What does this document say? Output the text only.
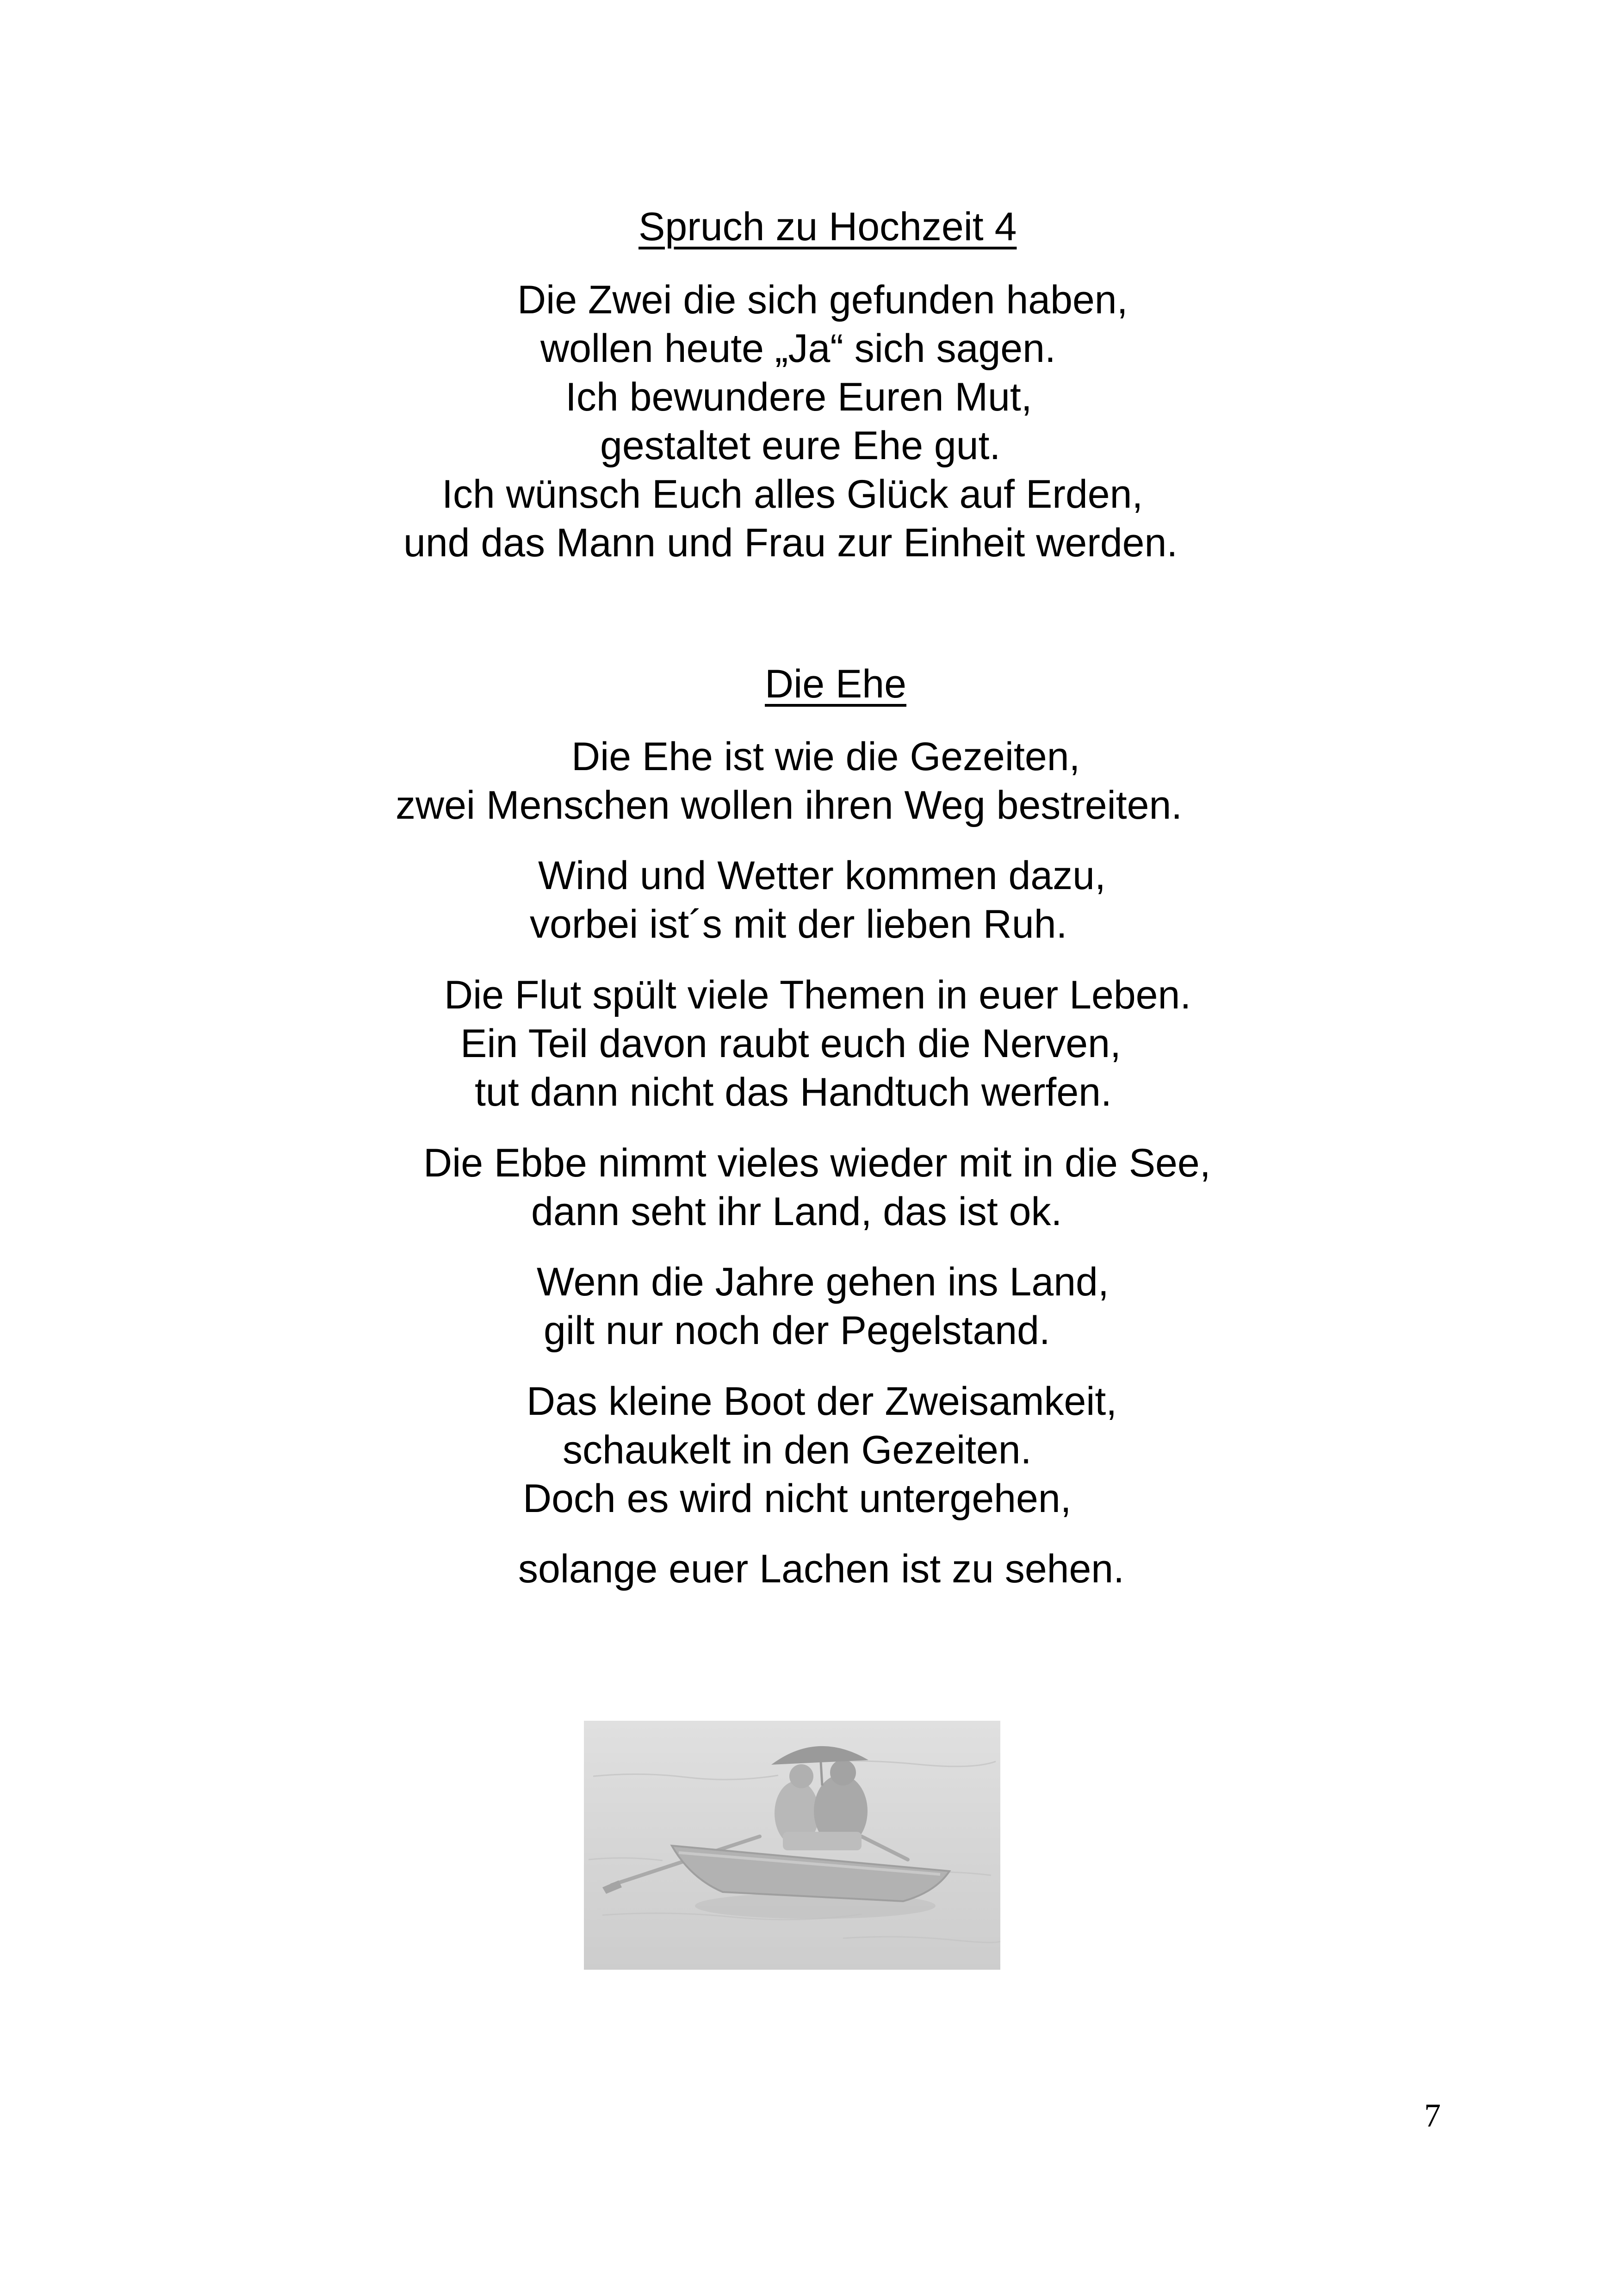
Spruch zu Hochzeit 4
Die Zwei die sich gefunden haben,
wollen heute „Ja“ sich sagen.
Ich bewundere Euren Mut,
gestaltet eure Ehe gut.
Ich wünsch Euch alles Glück auf Erden,
und das Mann und Frau zur Einheit werden.
Die Ehe
Die Ehe ist wie die Gezeiten,
zwei Menschen wollen ihren Weg bestreiten.
Wind und Wetter kommen dazu,
vorbei ist´s mit der lieben Ruh.
Die Flut spült viele Themen in euer Leben.
Ein Teil davon raubt euch die Nerven,
tut dann nicht das Handtuch werfen.
Die Ebbe nimmt vieles wieder mit in die See,
dann seht ihr Land, das ist ok.
Wenn die Jahre gehen ins Land,
gilt nur noch der Pegelstand.
Das kleine Boot der Zweisamkeit,
schaukelt in den Gezeiten.
Doch es wird nicht untergehen,
solange euer Lachen ist zu sehen.
7
